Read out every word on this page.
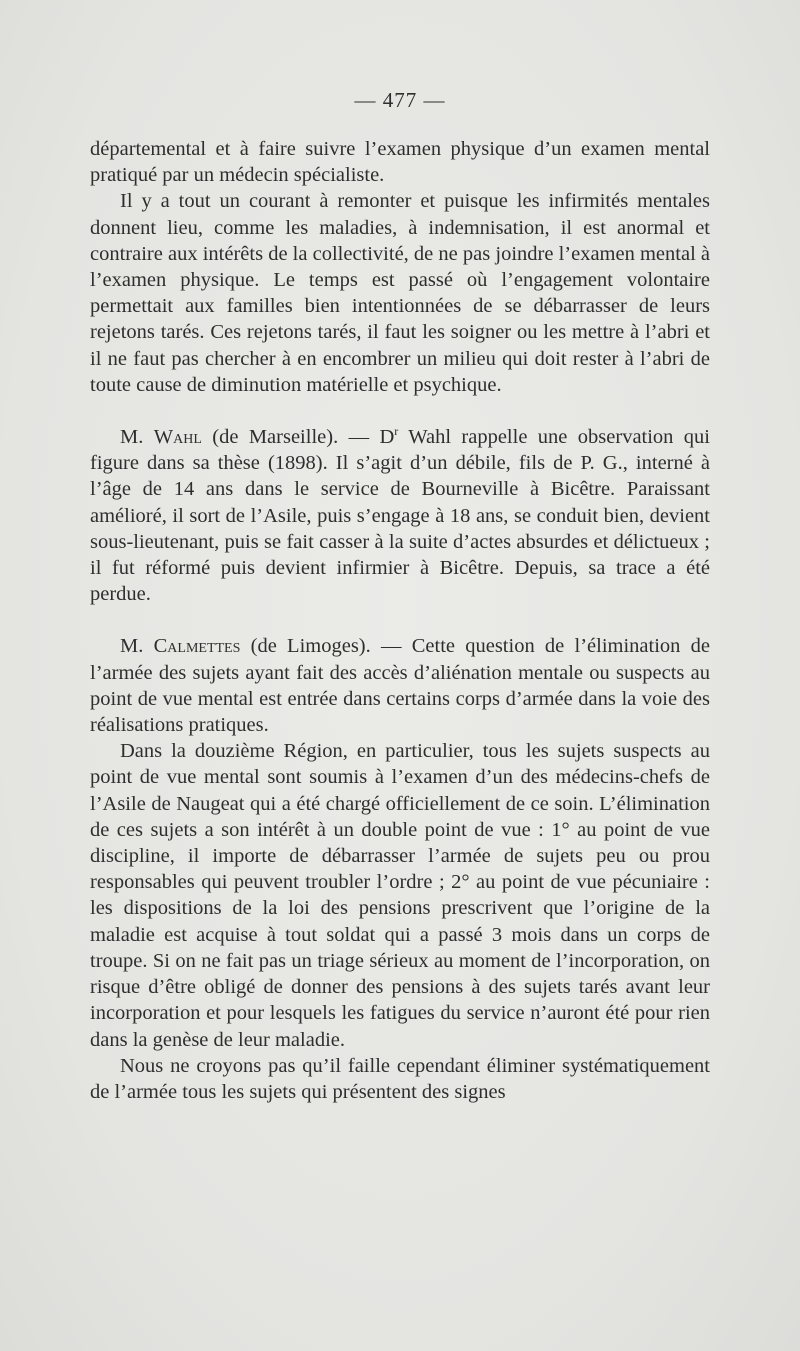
— 477 —

départemental et à faire suivre l’examen physique d’un examen mental pratiqué par un médecin spécialiste.

Il y a tout un courant à remonter et puisque les infirmités mentales donnent lieu, comme les maladies, à indemnisation, il est anormal et contraire aux intérêts de la collectivité, de ne pas joindre l’examen mental à l’examen physique. Le temps est passé où l’engagement volontaire permettait aux familles bien intentionnées de se débarrasser de leurs rejetons tarés. Ces rejetons tarés, il faut les soigner ou les mettre à l’abri et il ne faut pas chercher à en encombrer un milieu qui doit rester à l’abri de toute cause de diminution matérielle et psychique.

M. Wahl (de Marseille). — $D^r$ Wahl rappelle une observation qui figure dans sa thèse (1898). Il s’agit d’un débile, fils de P. G., interné à l’âge de 14 ans dans le service de Bourneville à Bicêtre. Paraissant amélioré, il sort de l’Asile, puis s’engage à 18 ans, se conduit bien, devient sous-lieutenant, puis se fait casser à la suite d’actes absurdes et délictueux ; il fut réformé puis devient infirmier à Bicêtre. Depuis, sa trace a été perdue.

M. Calmettes (de Limoges). — Cette question de l’élimination de l’armée des sujets ayant fait des accès d’aliénation mentale ou suspects au point de vue mental est entrée dans certains corps d’armée dans la voie des réalisations pratiques.

Dans la douzième Région, en particulier, tous les sujets suspects au point de vue mental sont soumis à l’examen d’un des médecins-chefs de l’Asile de Naugeat qui a été chargé officiellement de ce soin. L’élimination de ces sujets a son intérêt à un double point de vue : 1° au point de vue discipline, il importe de débarrasser l’armée de sujets peu ou prou responsables qui peuvent troubler l’ordre ; 2° au point de vue pécuniaire : les dispositions de la loi des pensions prescrivent que l’origine de la maladie est acquise à tout soldat qui a passé 3 mois dans un corps de troupe. Si on ne fait pas un triage sérieux au moment de l’incorporation, on risque d’être obligé de donner des pensions à des sujets tarés avant leur incorporation et pour lesquels les fatigues du service n’auront été pour rien dans la genèse de leur maladie.

Nous ne croyons pas qu’il faille cependant éliminer systématiquement de l’armée tous les sujets qui présentent des signes
